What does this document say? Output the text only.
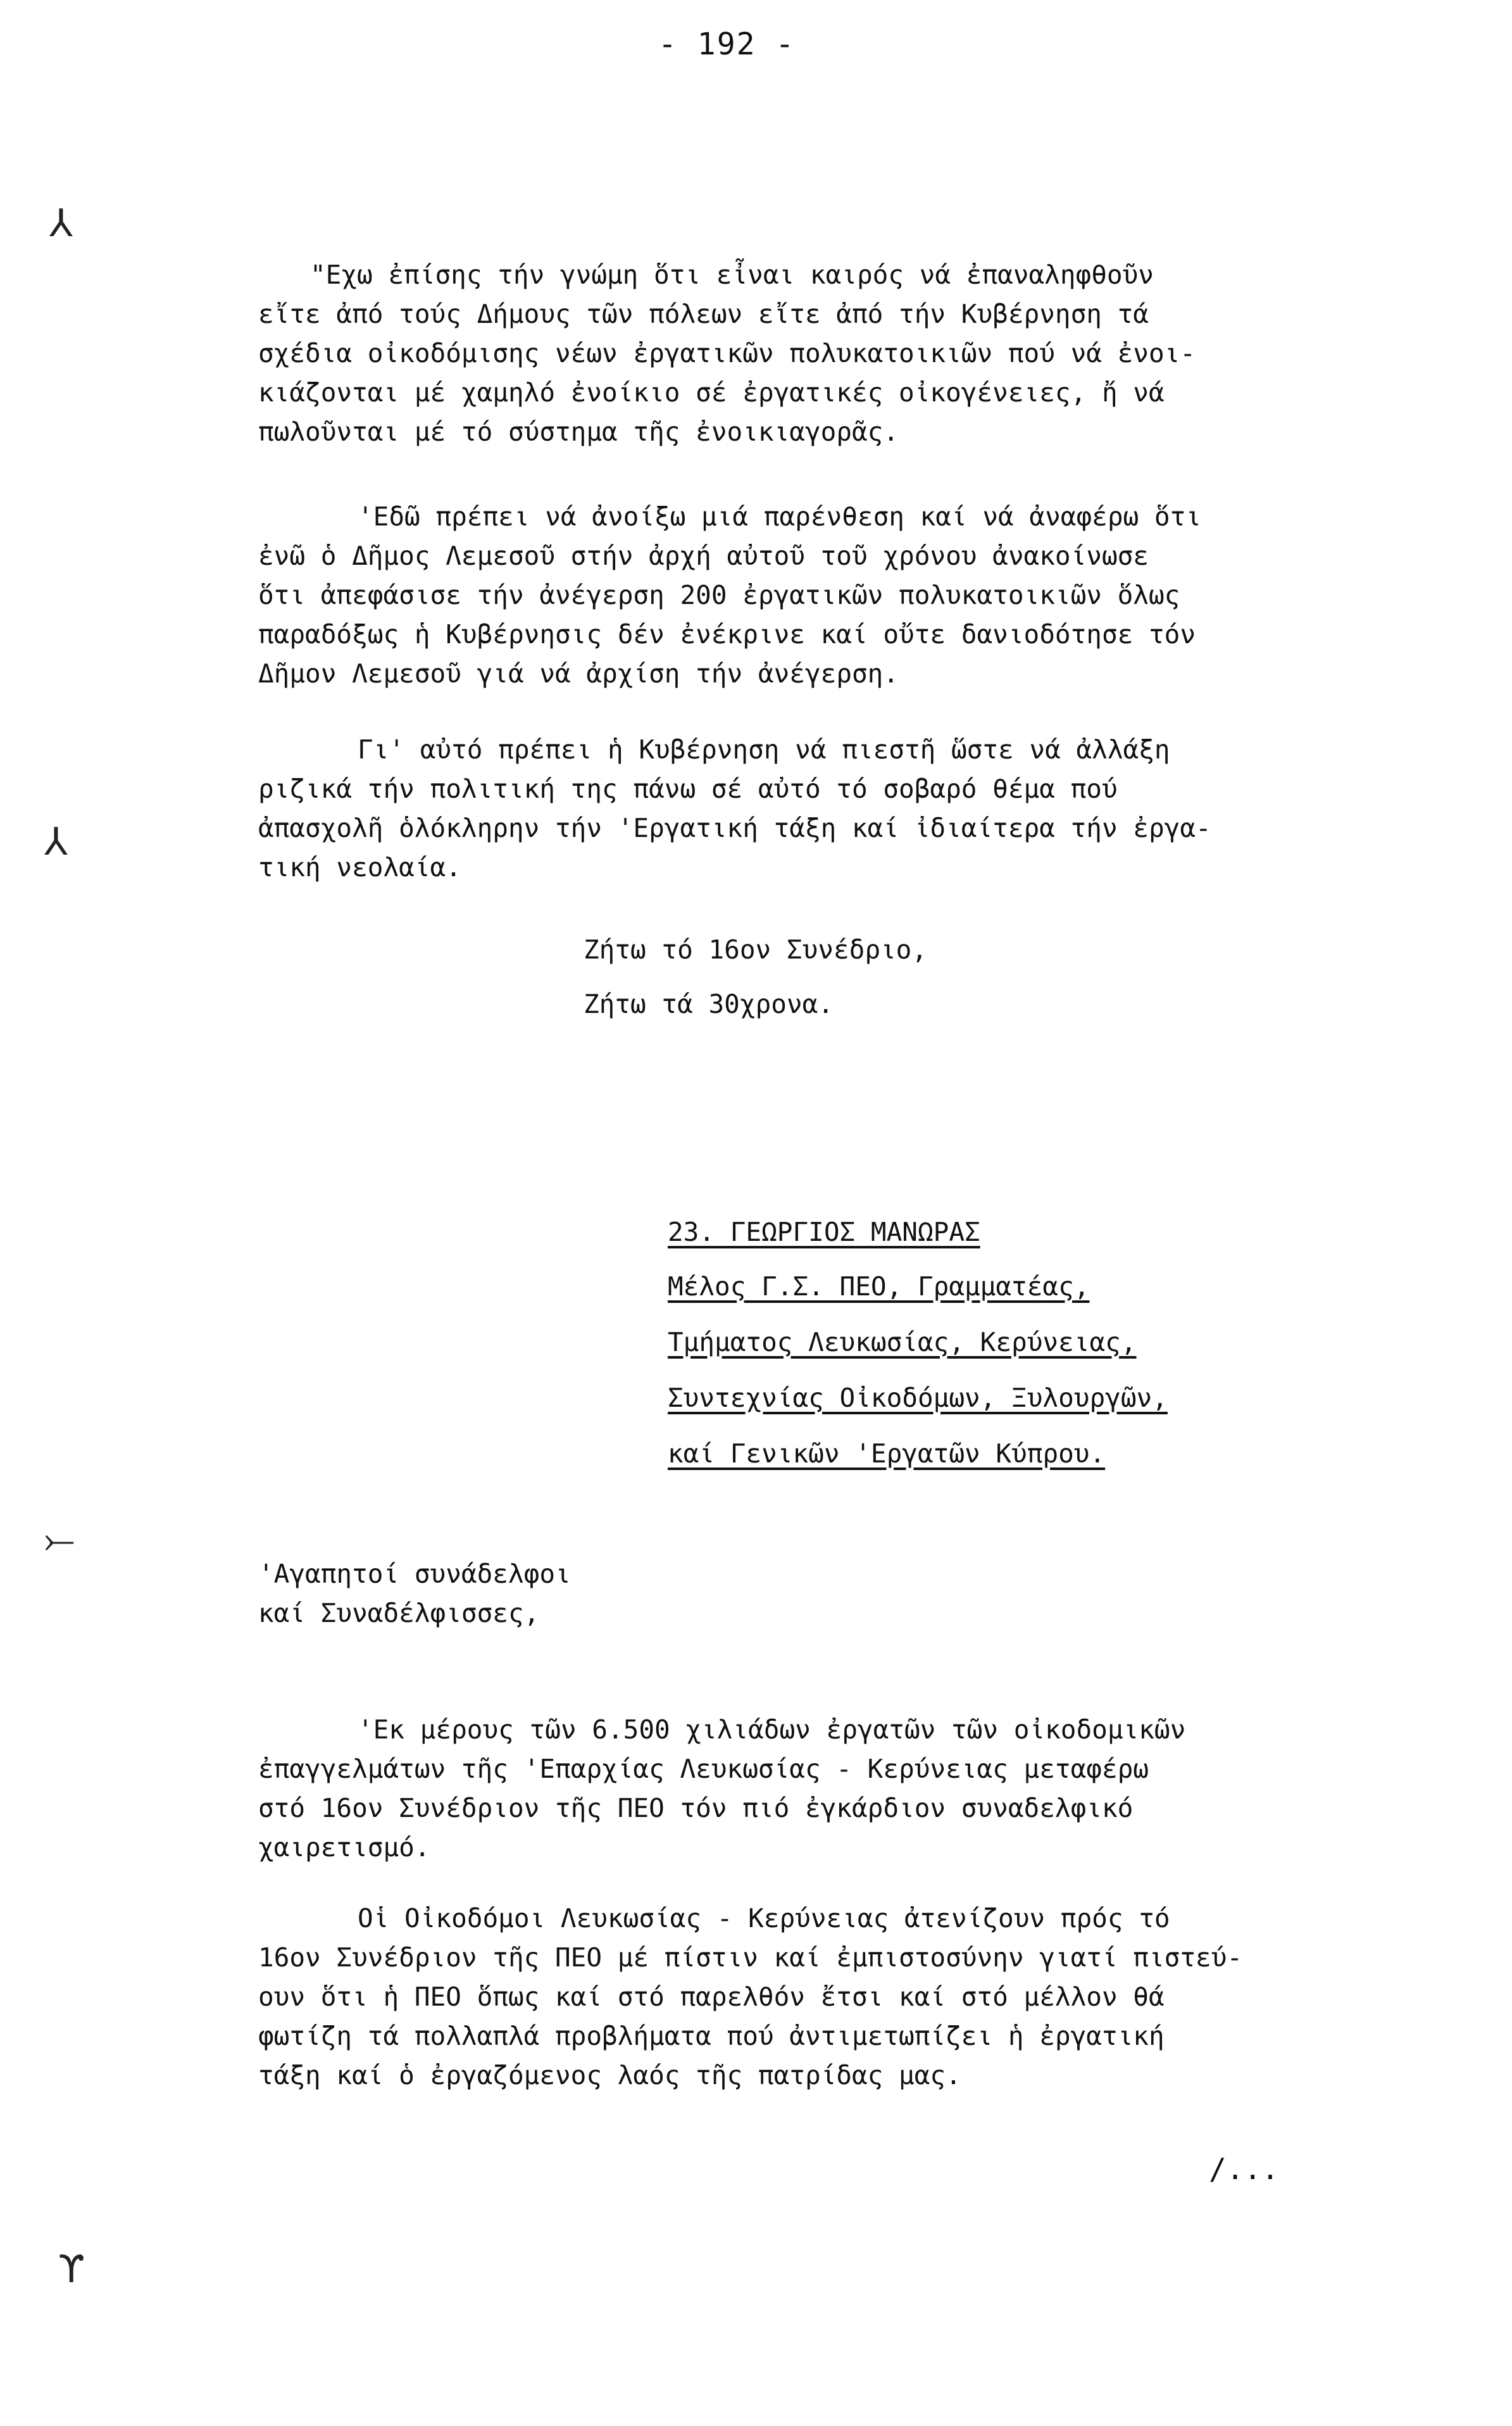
- 192 -
⅄
⅄
⤚
ϒ
"Εχω ἐπίσης τήν γνώμη ὅτι εἶναι καιρός νά ἐπαναληφθοῦν
εἴτε ἀπό τούς Δήμους τῶν πόλεων εἴτε ἀπό τήν Κυβέρνηση τά
σχέδια οἰκοδόμισης νέων ἐργατικῶν πολυκατοικιῶν πού νά ἐνοι-
κιάζονται μέ χαμηλό ἐνοίκιο σέ ἐργατικές οἰκογένειες, ἤ νά
πωλοῦνται μέ τό σύστημα τῆς ἐνοικιαγορᾶς.
'Εδῶ πρέπει νά ἀνοίξω μιά παρένθεση καί νά ἀναφέρω ὅτι
ἐνῶ ὁ Δῆμος Λεμεσοῦ στήν ἀρχή αὐτοῦ τοῦ χρόνου ἀνακοίνωσε
ὅτι ἀπεφάσισε τήν ἀνέγερση 200 ἐργατικῶν πολυκατοικιῶν ὅλως
παραδόξως ἡ Κυβέρνησις δέν ἐνέκρινε καί οὔτε δανιοδότησε τόν
Δῆμον Λεμεσοῦ γιά νά ἀρχίση τήν ἀνέγερση.
Γι' αὐτό πρέπει ἡ Κυβέρνηση νά πιεστῆ ὥστε νά ἀλλάξη
ριζικά τήν πολιτική της πάνω σέ αὐτό τό σοβαρό θέμα πού
ἀπασχολῆ ὁλόκληρην τήν 'Εργατική τάξη καί ἰδιαίτερα τήν ἐργα-
τική νεολαία.
Ζήτω τό 16ον Συνέδριο,
Ζήτω τά 30χρονα.
23. ΓΕΩΡΓΙΟΣ ΜΑΝΩΡΑΣ
Μέλος Γ.Σ. ΠΕΟ, Γραμματέας,
Τμήματος Λευκωσίας, Κερύνειας,
Συντεχνίας Οἰκοδόμων, Ξυλουργῶν,
καί Γενικῶν 'Εργατῶν Κύπρου.
'Αγαπητοί συνάδελφοι
καί Συναδέλφισσες,
'Εκ μέρους τῶν 6.500 χιλιάδων ἐργατῶν τῶν οἰκοδομικῶν
ἐπαγγελμάτων τῆς 'Επαρχίας Λευκωσίας - Κερύνειας μεταφέρω
στό 16ον Συνέδριον τῆς ΠΕΟ τόν πιό ἐγκάρδιον συναδελφικό
χαιρετισμό.
Οἱ Οἰκοδόμοι Λευκωσίας - Κερύνειας ἀτενίζουν πρός τό
16ον Συνέδριον τῆς ΠΕΟ μέ πίστιν καί ἐμπιστοσύνην γιατί πιστεύ-
ουν ὅτι ἡ ΠΕΟ ὅπως καί στό παρελθόν ἔτσι καί στό μέλλον θά
φωτίζη τά πολλαπλά προβλήματα πού ἀντιμετωπίζει ἡ ἐργατική
τάξη καί ὁ ἐργαζόμενος λαός τῆς πατρίδας μας.
/...
